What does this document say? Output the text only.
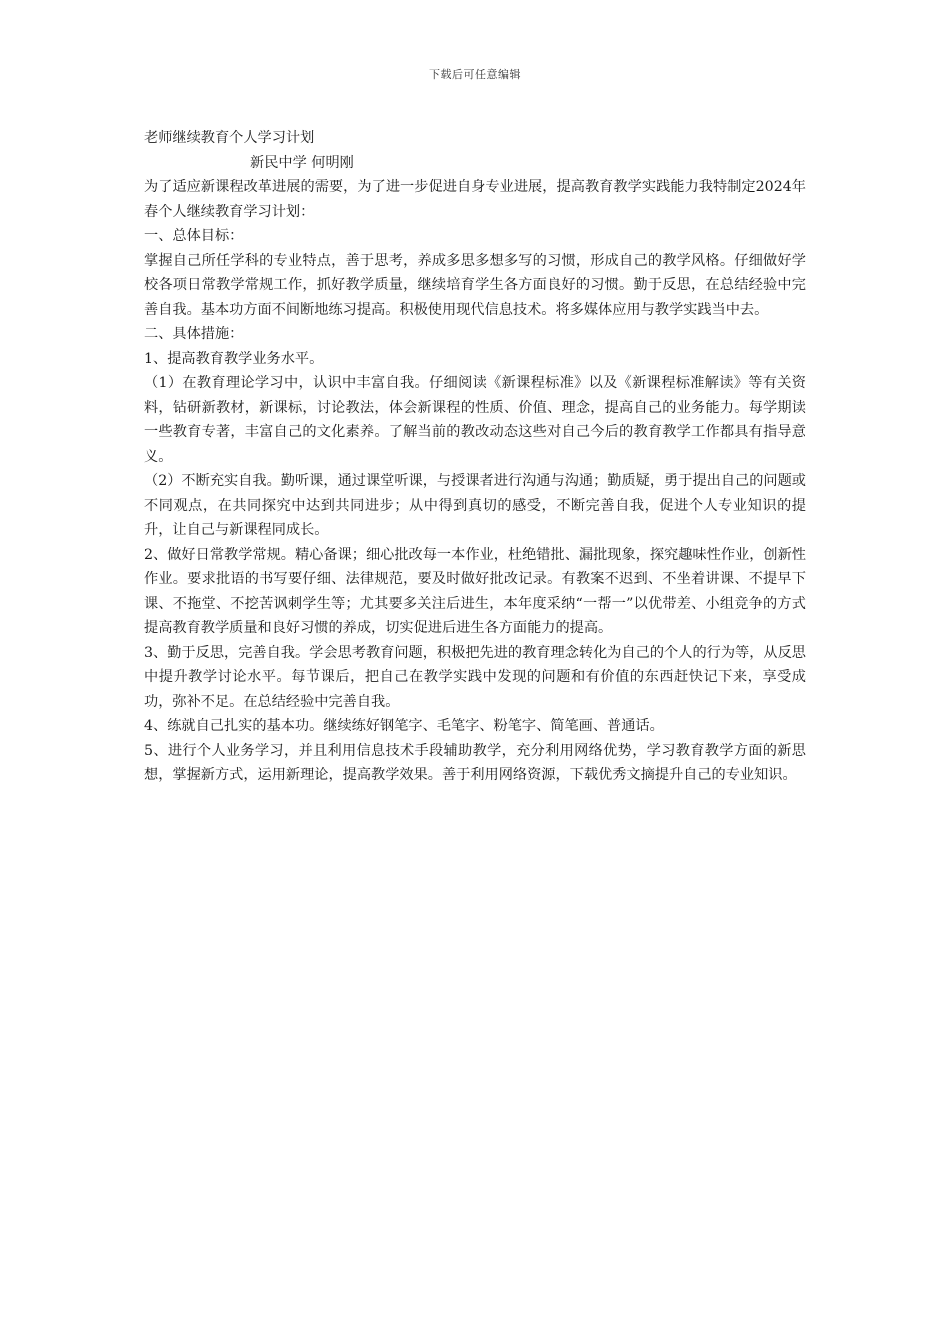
下载后可任意编辑

老师继续教育个人学习计划

新民中学 何明刚

为了适应新课程改革进展的需要，为了进一步促进自身专业进展，提高教育教学实践能力我特制定2024年春个人继续教育学习计划：

一、总体目标：

掌握自己所任学科的专业特点，善于思考，养成多思多想多写的习惯，形成自己的教学风格。仔细做好学校各项日常教学常规工作，抓好教学质量，继续培育学生各方面良好的习惯。勤于反思，在总结经验中完善自我。基本功方面不间断地练习提高。积极使用现代信息技术。将多媒体应用与教学实践当中去。

二、具体措施：

1、提高教育教学业务水平。

（1）在教育理论学习中，认识中丰富自我。仔细阅读《新课程标准》以及《新课程标准解读》等有关资料，钻研新教材，新课标，讨论教法，体会新课程的性质、价值、理念，提高自己的业务能力。每学期读一些教育专著，丰富自己的文化素养。了解当前的教改动态这些对自己今后的教育教学工作都具有指导意义。

（2）不断充实自我。勤听课，通过课堂听课，与授课者进行沟通与沟通；勤质疑，勇于提出自己的问题或不同观点，在共同探究中达到共同进步；从中得到真切的感受，不断完善自我，促进个人专业知识的提升，让自己与新课程同成长。

2、做好日常教学常规。精心备课；细心批改每一本作业，杜绝错批、漏批现象，探究趣味性作业，创新性作业。要求批语的书写要仔细、法律规范，要及时做好批改记录。有教案不迟到、不坐着讲课、不提早下课、不拖堂、不挖苦讽刺学生等；尤其要多关注后进生，本年度采纳“一帮一”以优带差、小组竞争的方式提高教育教学质量和良好习惯的养成，切实促进后进生各方面能力的提高。

3、勤于反思，完善自我。学会思考教育问题，积极把先进的教育理念转化为自己的个人的行为等，从反思中提升教学讨论水平。每节课后，把自己在教学实践中发现的问题和有价值的东西赶快记下来，享受成功，弥补不足。在总结经验中完善自我。

4、练就自己扎实的基本功。继续练好钢笔字、毛笔字、粉笔字、简笔画、普通话。

5、进行个人业务学习，并且利用信息技术手段辅助教学，充分利用网络优势，学习教育教学方面的新思想，掌握新方式，运用新理论，提高教学效果。善于利用网络资源，下载优秀文摘提升自己的专业知识。
